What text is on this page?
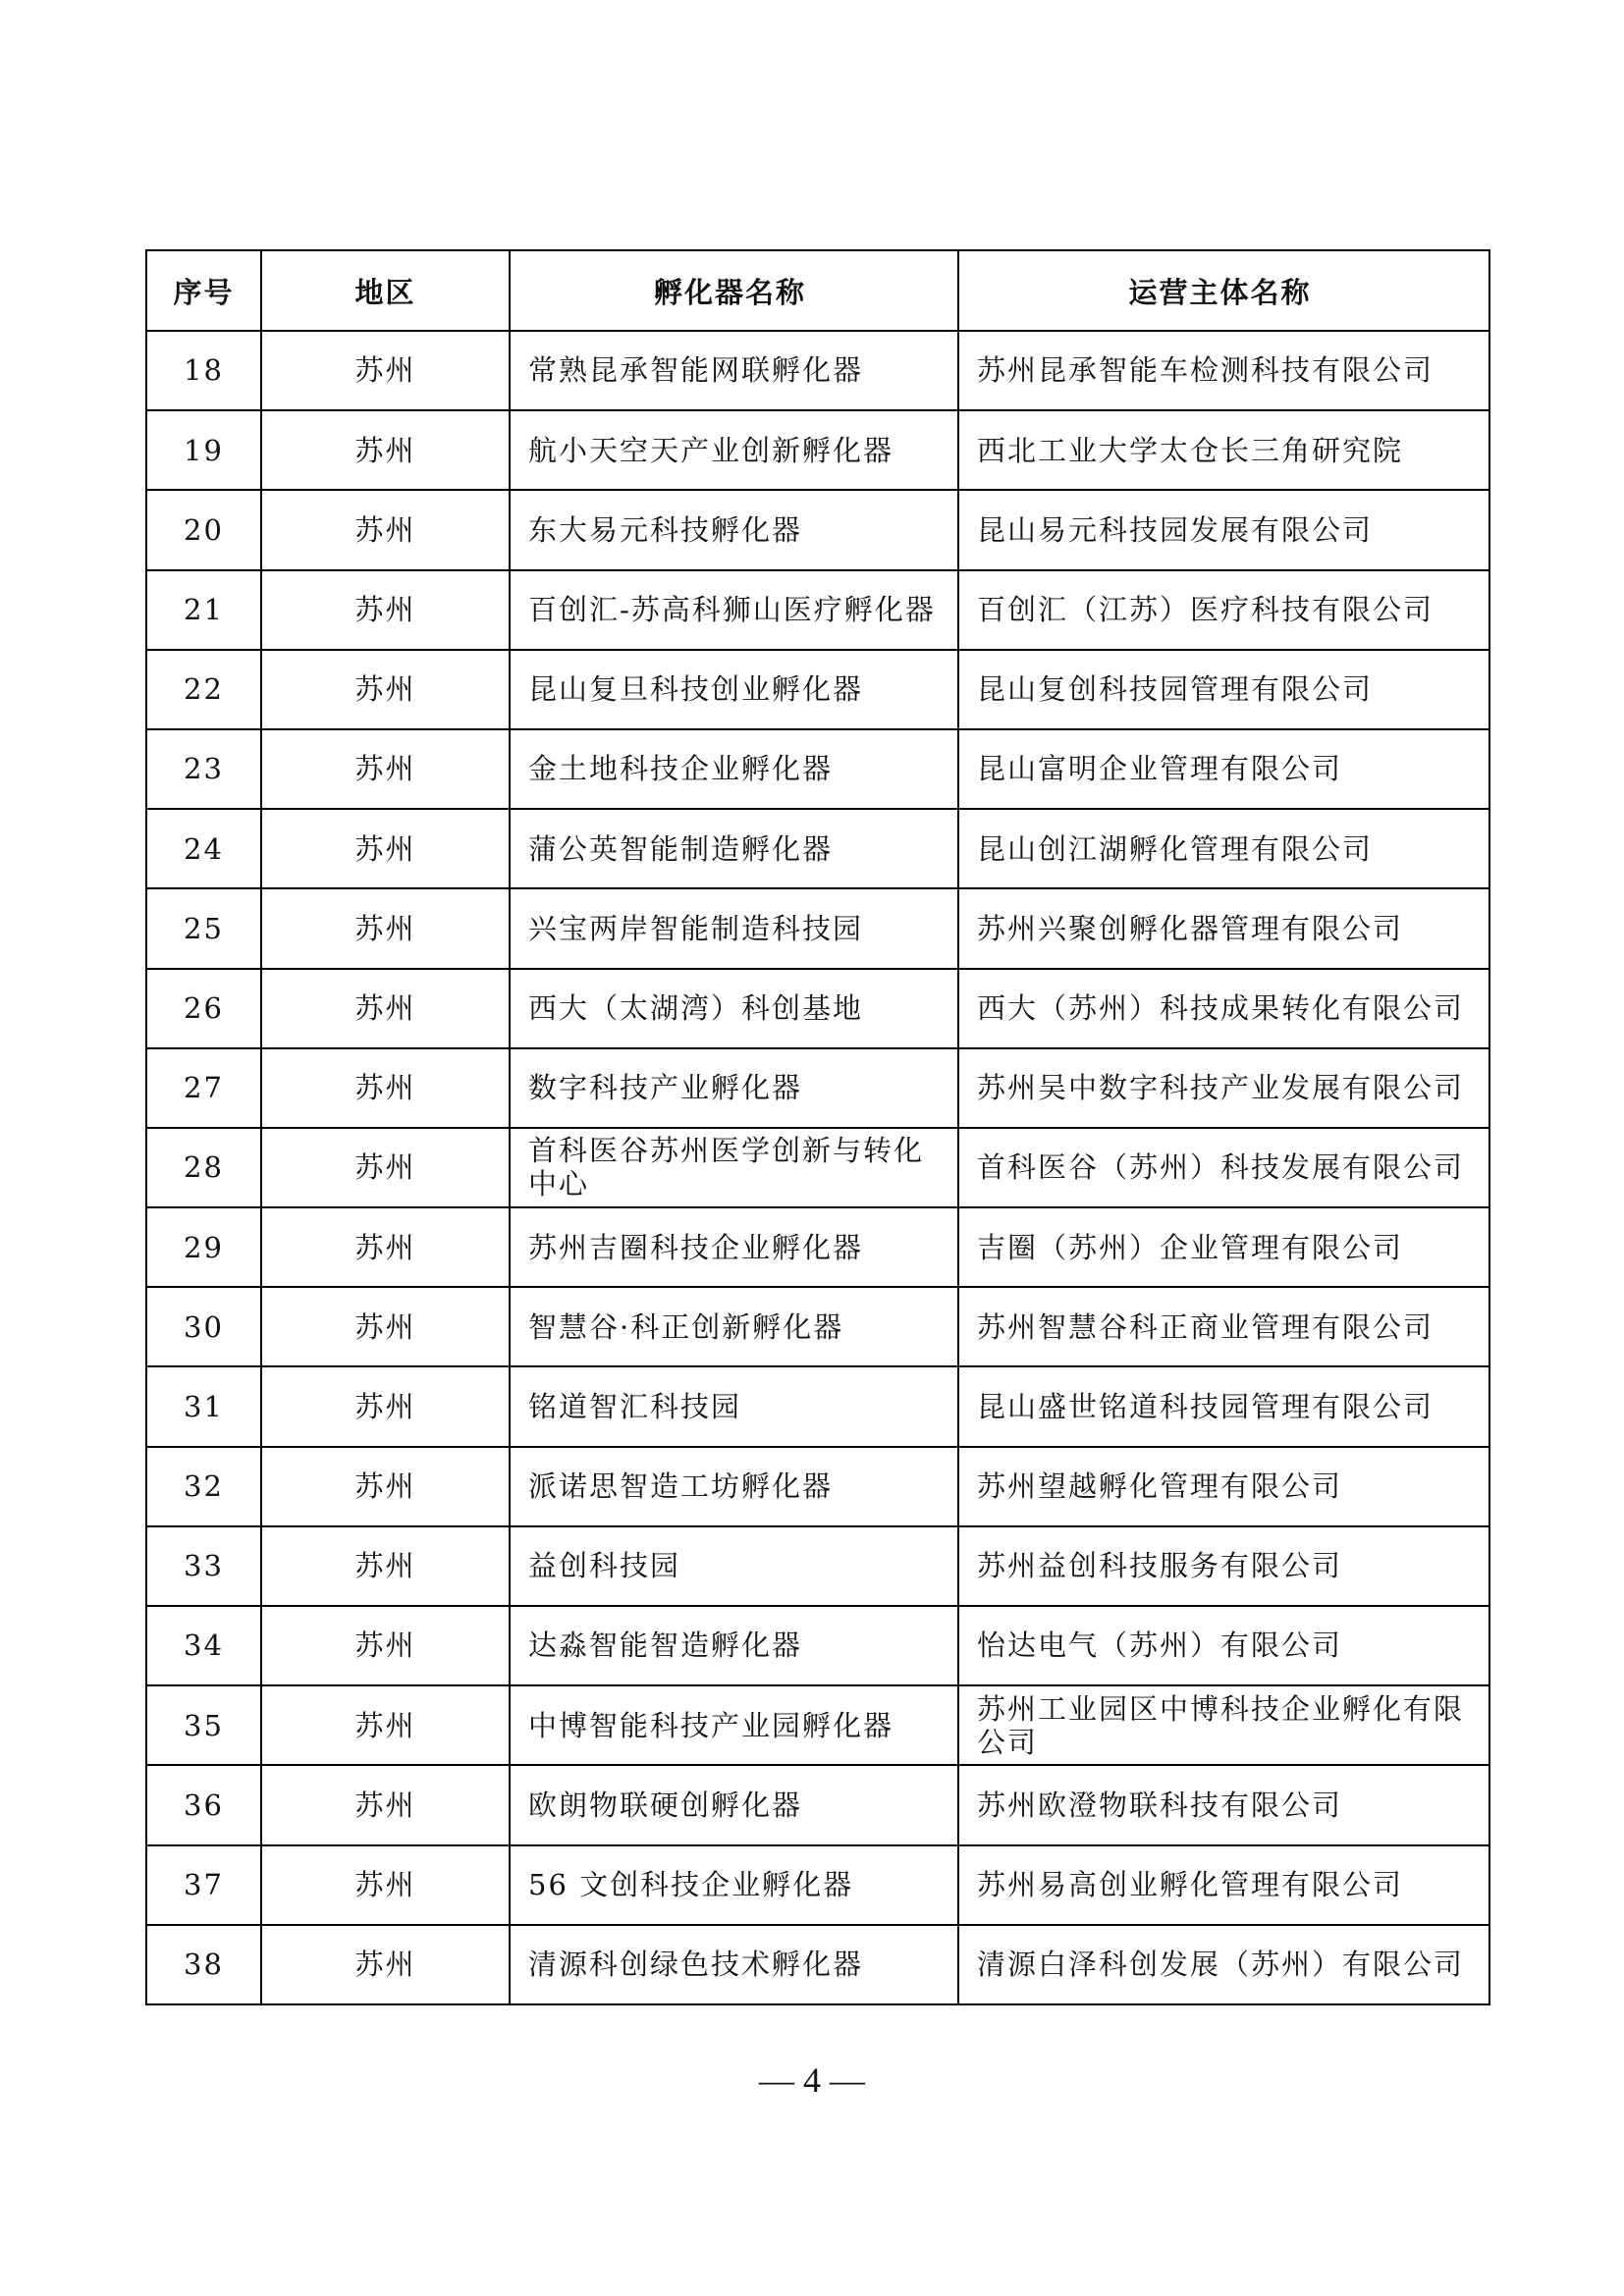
序号	地区	孵化器名称	运营主体名称
18	苏州	常熟昆承智能网联孵化器	苏州昆承智能车检测科技有限公司
19	苏州	航小天空天产业创新孵化器	西北工业大学太仓长三角研究院
20	苏州	东大易元科技孵化器	昆山易元科技园发展有限公司
21	苏州	百创汇-苏高科狮山医疗孵化器	百创汇（江苏）医疗科技有限公司
22	苏州	昆山复旦科技创业孵化器	昆山复创科技园管理有限公司
23	苏州	金土地科技企业孵化器	昆山富明企业管理有限公司
24	苏州	蒲公英智能制造孵化器	昆山创江湖孵化管理有限公司
25	苏州	兴宝两岸智能制造科技园	苏州兴聚创孵化器管理有限公司
26	苏州	西大（太湖湾）科创基地	西大（苏州）科技成果转化有限公司
27	苏州	数字科技产业孵化器	苏州吴中数字科技产业发展有限公司
28	苏州	首科医谷苏州医学创新与转化中心	首科医谷（苏州）科技发展有限公司
29	苏州	苏州吉圈科技企业孵化器	吉圈（苏州）企业管理有限公司
30	苏州	智慧谷·科正创新孵化器	苏州智慧谷科正商业管理有限公司
31	苏州	铭道智汇科技园	昆山盛世铭道科技园管理有限公司
32	苏州	派诺思智造工坊孵化器	苏州望越孵化管理有限公司
33	苏州	益创科技园	苏州益创科技服务有限公司
34	苏州	达淼智能智造孵化器	怡达电气（苏州）有限公司
35	苏州	中博智能科技产业园孵化器	苏州工业园区中博科技企业孵化有限公司
36	苏州	欧朗物联硬创孵化器	苏州欧澄物联科技有限公司
37	苏州	56 文创科技企业孵化器	苏州易高创业孵化管理有限公司
38	苏州	清源科创绿色技术孵化器	清源白泽科创发展（苏州）有限公司
— 4 —
